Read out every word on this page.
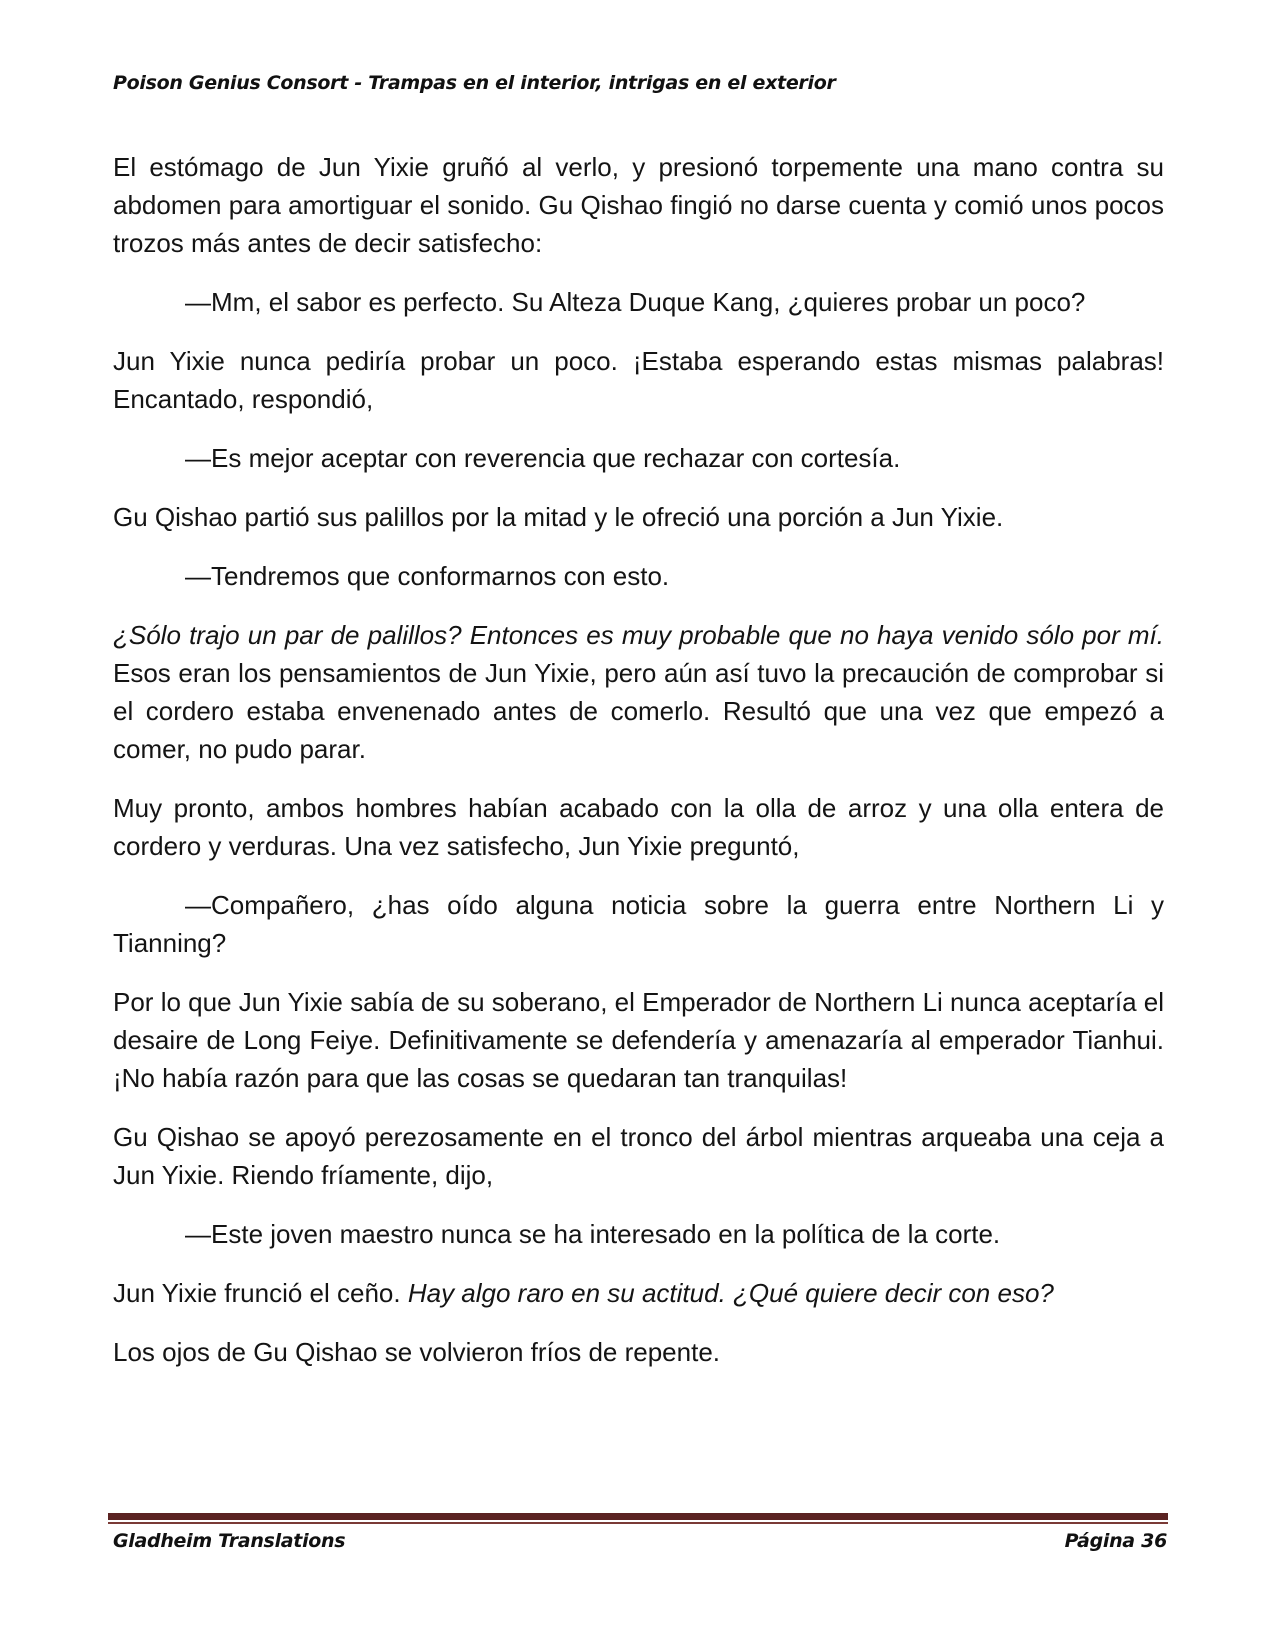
Poison Genius Consort - Trampas en el interior, intrigas en el exterior

El estómago de Jun Yixie gruñó al verlo, y presionó torpemente una mano contra su abdomen para amortiguar el sonido. Gu Qishao fingió no darse cuenta y comió unos pocos trozos más antes de decir satisfecho:

—Mm, el sabor es perfecto. Su Alteza Duque Kang, ¿quieres probar un poco?

Jun Yixie nunca pediría probar un poco. ¡Estaba esperando estas mismas palabras! Encantado, respondió,

—Es mejor aceptar con reverencia que rechazar con cortesía.

Gu Qishao partió sus palillos por la mitad y le ofreció una porción a Jun Yixie.

—Tendremos que conformarnos con esto.

¿Sólo trajo un par de palillos? Entonces es muy probable que no haya venido sólo por mí. Esos eran los pensamientos de Jun Yixie, pero aún así tuvo la precaución de comprobar si el cordero estaba envenenado antes de comerlo. Resultó que una vez que empezó a comer, no pudo parar.

Muy pronto, ambos hombres habían acabado con la olla de arroz y una olla entera de cordero y verduras. Una vez satisfecho, Jun Yixie preguntó,

—Compañero, ¿has oído alguna noticia sobre la guerra entre Northern Li y Tianning?

Por lo que Jun Yixie sabía de su soberano, el Emperador de Northern Li nunca aceptaría el desaire de Long Feiye. Definitivamente se defendería y amenazaría al emperador Tianhui. ¡No había razón para que las cosas se quedaran tan tranquilas!

Gu Qishao se apoyó perezosamente en el tronco del árbol mientras arqueaba una ceja a Jun Yixie. Riendo fríamente, dijo,

—Este joven maestro nunca se ha interesado en la política de la corte.

Jun Yixie frunció el ceño. Hay algo raro en su actitud. ¿Qué quiere decir con eso?

Los ojos de Gu Qishao se volvieron fríos de repente.

Gladheim Translations	Página 36
